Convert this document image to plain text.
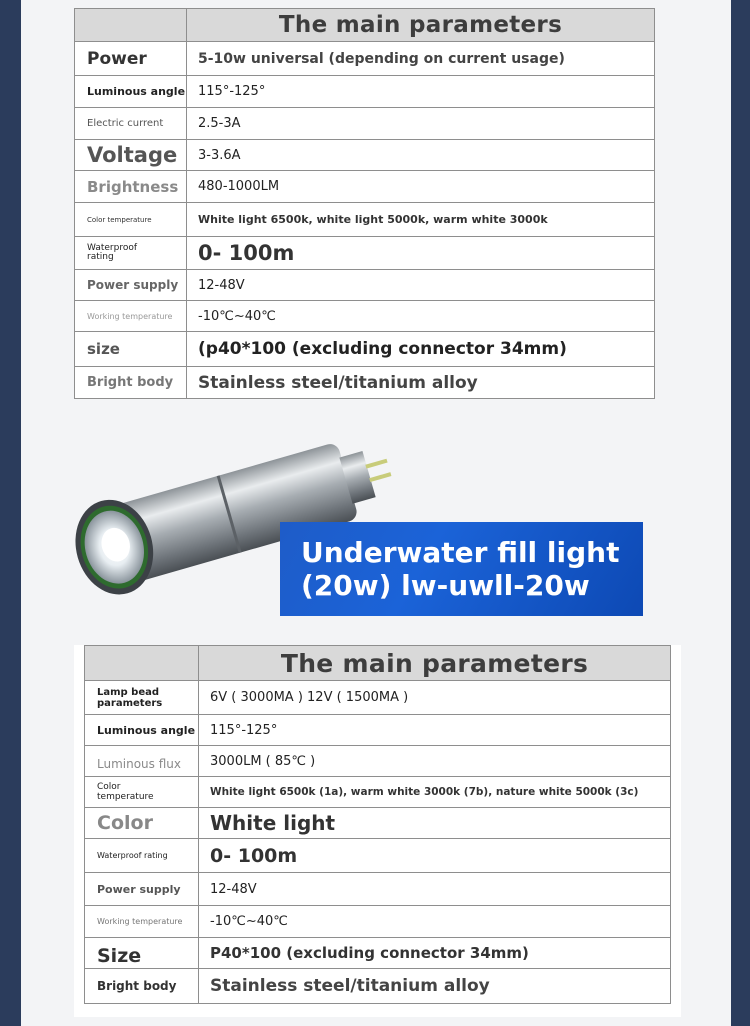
	The main parameters
Power	5-10w universal (depending on current usage)
Luminous angle	115°-125°
Electric current	2.5-3A
Voltage	3-3.6A
Brightness	480-1000LM
Color temperature	White light 6500k, white light 5000k, warm white 3000k

Waterproof rating	0- 100m
Power supply	12-48V
Working temperature	-10℃~40℃
size	(p40*100 (excluding connector 34mm)
Bright body	Stainless steel/titanium alloy
Underwater fill light
(20w) lw-uwll-20w
	The main parameters

Lamp bead parameters	6V ( 3000MA ) 12V ( 1500MA )
Luminous angle	115°-125°
Luminous flux	3000LM ( 85℃ )

Color temperature	White light 6500k (1a), warm white 3000k (7b), nature white 5000k (3c)
Color	White light
Waterproof rating	0- 100m
Power supply	12-48V
Working temperature	-10℃~40℃
Size	P40*100 (excluding connector 34mm)
Bright body	Stainless steel/titanium alloy
